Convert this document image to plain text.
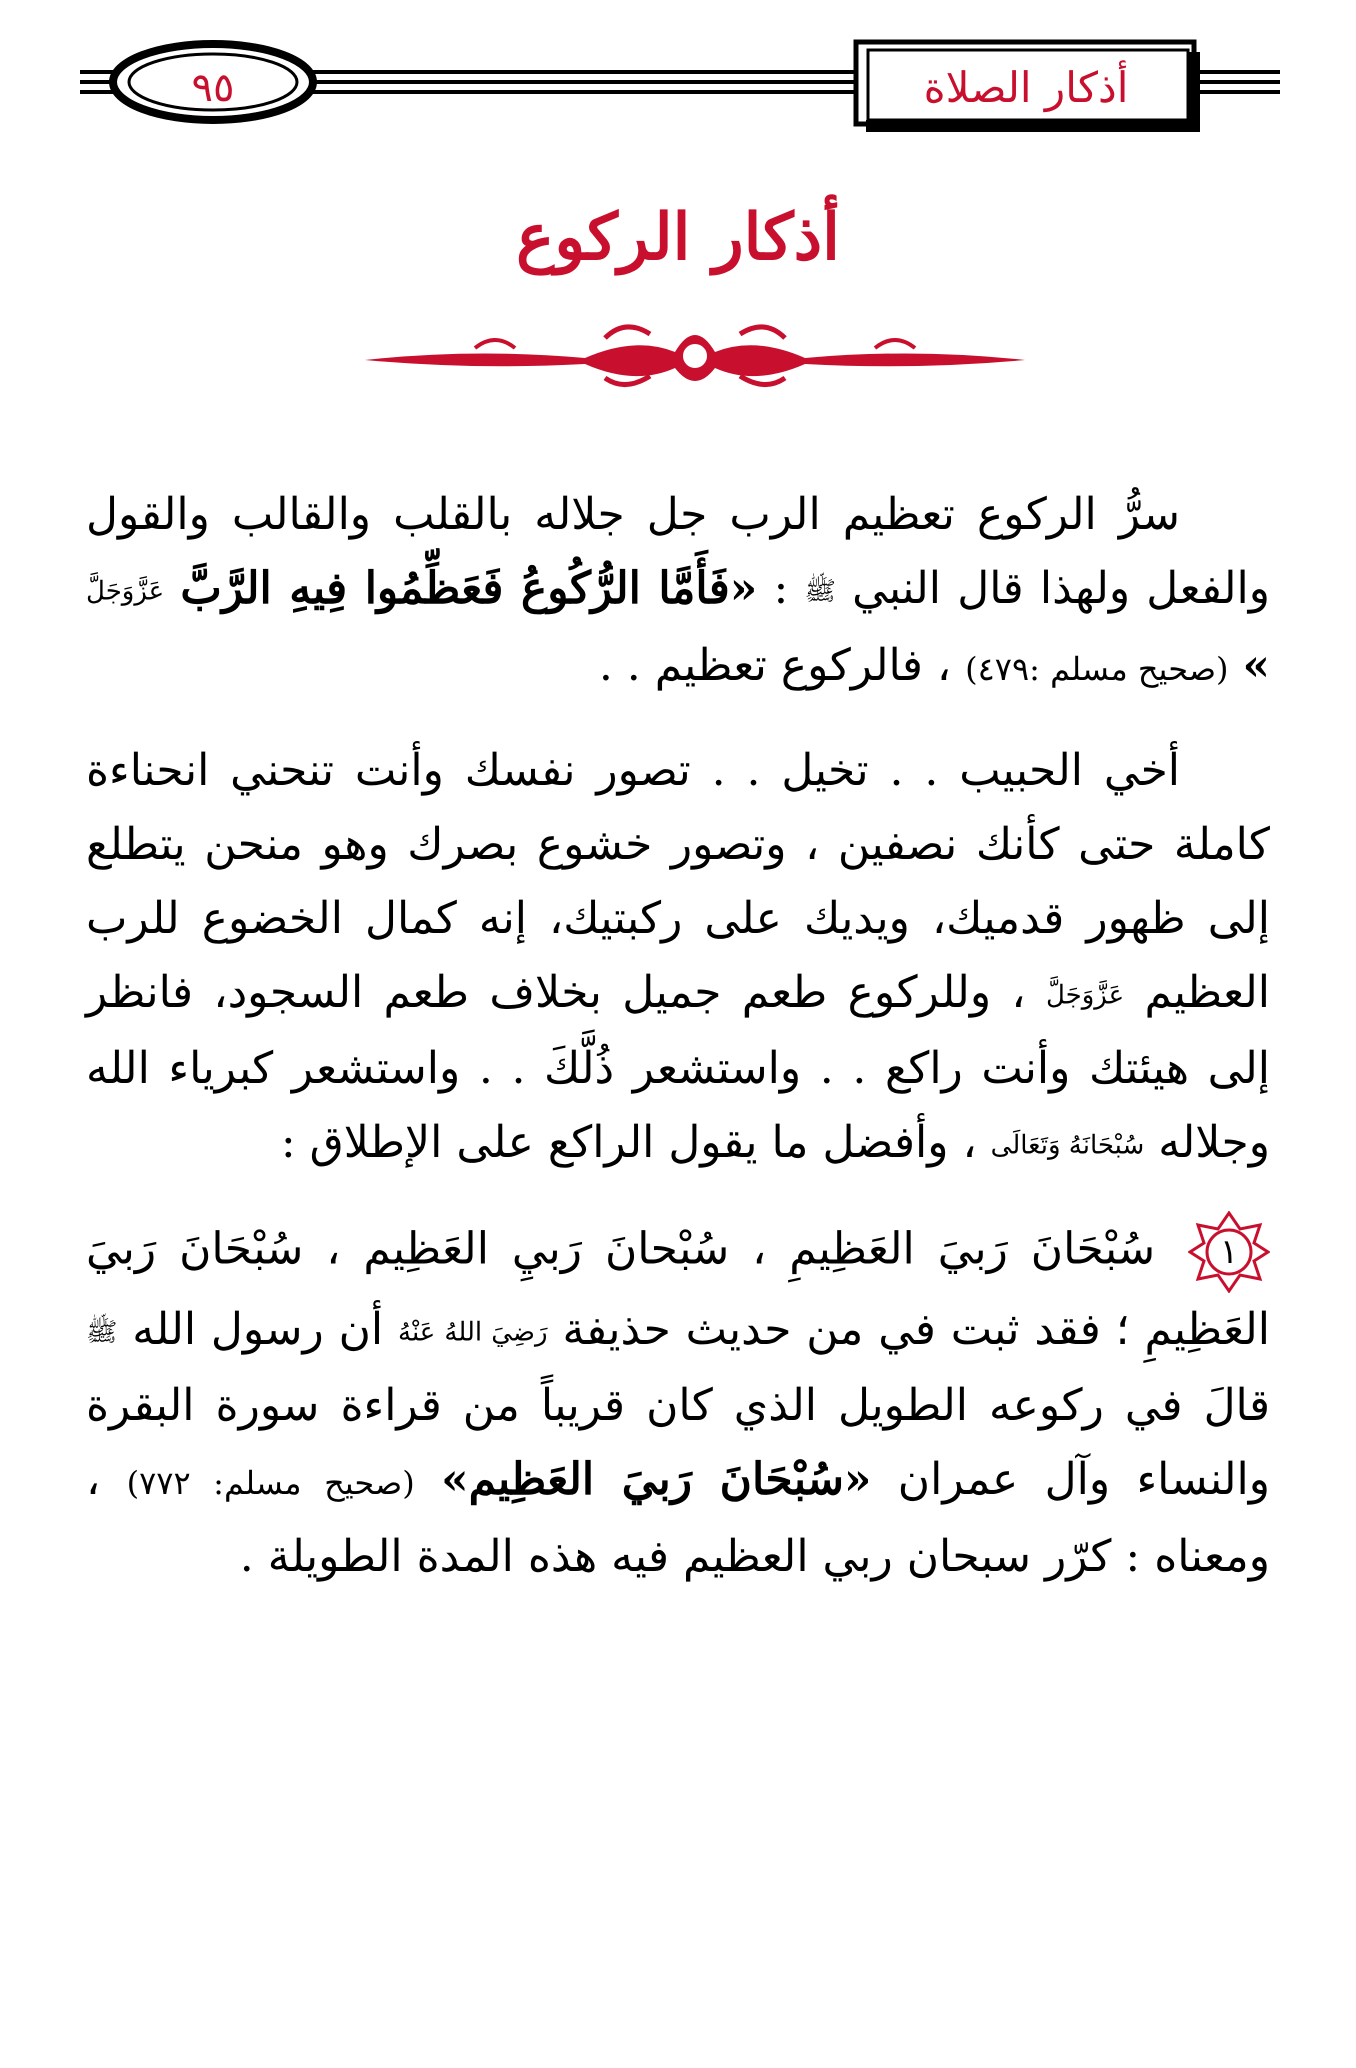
أذكار الصلاة
٩٥
أذكار الركوع

سرُّ الركوع تعظيم الرب جل جلاله بالقلب والقالب والقول والفعل ولهذا قال النبي ﷺ : «فَأَمَّا الرُّكُوعُ فَعَظِّمُوا فِيهِ الرَّبَّ عَزَّوَجَلَّ » (صحيح مسلم :٤٧٩) ، فالركوع تعظيم . .

أخي الحبيب . . تخيل . . تصور نفسك وأنت تنحني انحناءة كاملة حتى كأنك نصفين ، وتصور خشوع بصرك وهو منحن يتطلع إلى ظهور قدميك، ويديك على ركبتيك، إنه كمال الخضوع للرب العظيم عَزَّوَجَلَّ ، وللركوع طعم جميل بخلاف طعم السجود، فانظر إلى هيئتك وأنت راكع . . واستشعر ذُلَّكَ . . واستشعر كبرياء الله وجلاله سُبْحَانَهُ وَتَعَالَى ، وأفضل ما يقول الراكع على الإطلاق :

١
سُبْحَانَ رَبيَ العَظِيمِ ، سُبْحانَ رَبيِ العَظِيم ، سُبْحَانَ رَبيَ العَظِيمِ ؛ فقد ثبت في من حديث حذيفة رَضِيَ اللهُ عَنْهُ أن رسول الله ﷺ قالَ في ركوعه الطويل الذي كان قريباً من قراءة سورة البقرة والنساء وآل عمران «سُبْحَانَ رَبيَ العَظِيم» (صحيح مسلم: ٧٧٢) ، ومعناه : كرّر سبحان ربي العظيم فيه هذه المدة الطويلة .
